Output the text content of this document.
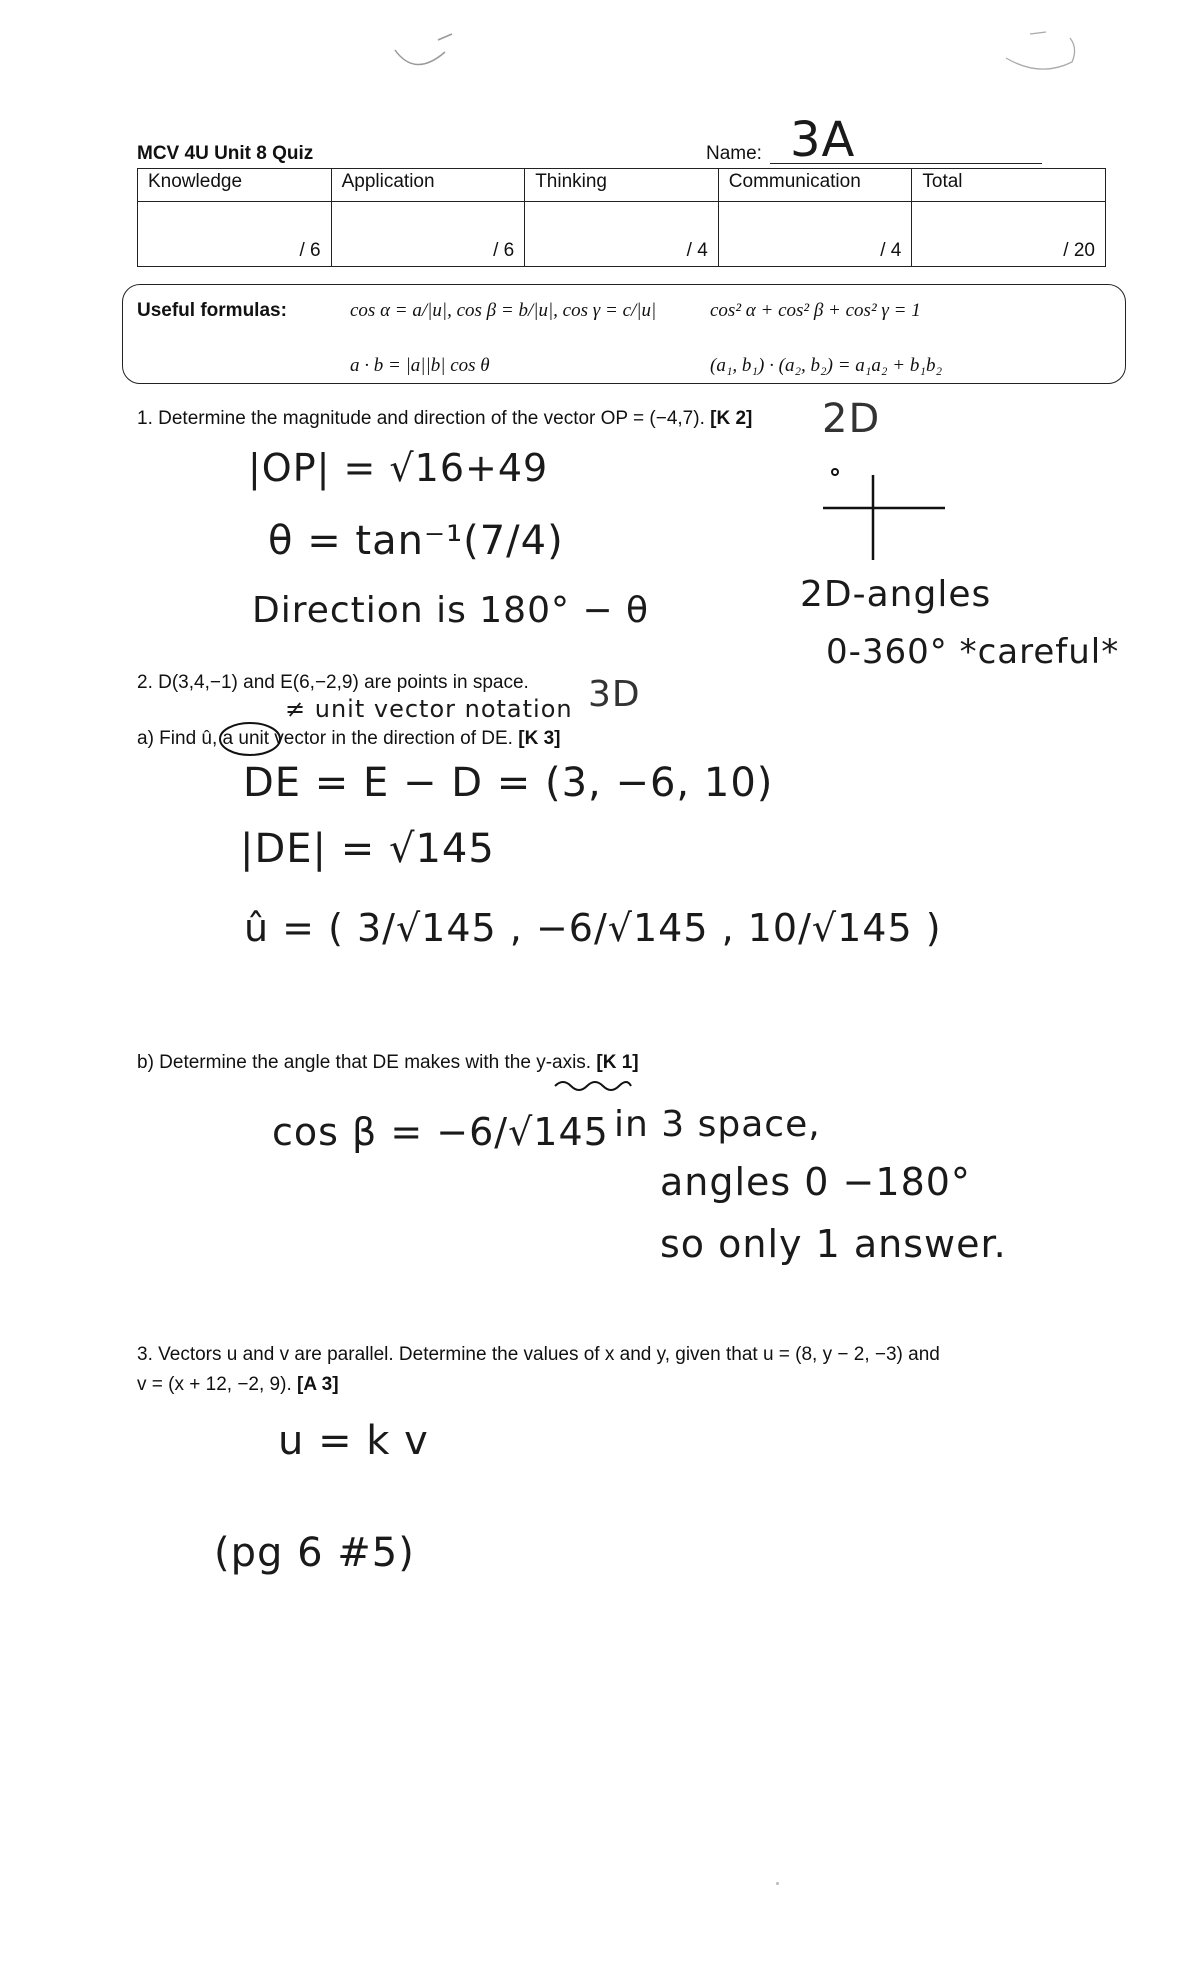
MCV 4U Unit 8 Quiz	Name: 3A
Knowledge	Application	Thinking	Communication	Total
/ 6	/ 6	/ 4	/ 4	/ 20
Useful formulas:	cos α = a/|u|, cos β = b/|u|, cos γ = c/|u|	cos² α + cos² β + cos² γ = 1
a · b = |a||b| cos θ	(a₁, b₁) · (a₂, b₂) = a₁a₂ + b₁b₂
1. Determine the magnitude and direction of the vector OP = (−4,7). [K 2] 2D
|OP| = √16+49
θ = tan⁻¹(7/4)
Direction is 180° − θ	2D-angles
0-360° *careful*
2. D(3,4,−1) and E(6,−2,9) are points in space.
≠ unit vector notation 3D
a) Find û, a unit vector in the direction of DE. [K 3]
DE = E − D = (3, −6, 10)
|DE| = √145
û = ( 3/√145 , −6/√145 , 10/√145 )
b) Determine the angle that DE makes with the y-axis. [K 1]
cos β = −6/√145 in 3 space,
angles 0 −180°
so only 1 answer.
3. Vectors u and v are parallel. Determine the values of x and y, given that u = (8, y − 2, −3) and
v = (x + 12, −2, 9). [A 3]
u = k v
(pg 6 #5)
